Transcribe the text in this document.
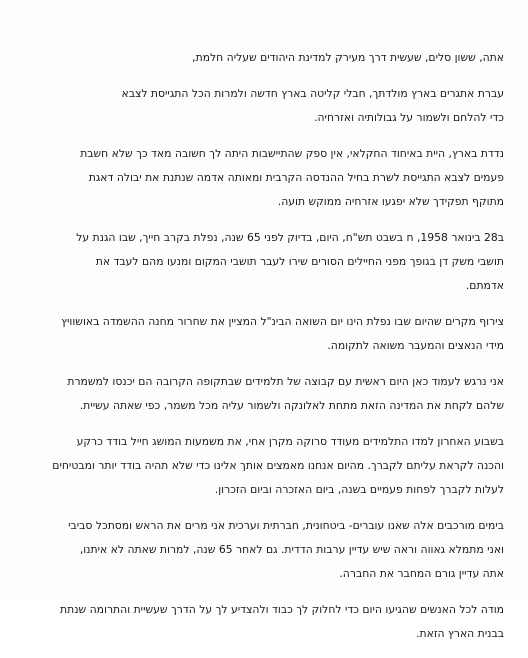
אתה, ששון סלים, שעשית דרך מעירק למדינת היהודים שעליה חלמת,

עברת אתגרים בארץ מולדתך, חבלי קליטה בארץ חדשה ולמרות הכל התגייסת לצבא
כדי להלחם ולשמור על גבולותיה ואזרחיה.

נדדת בארץ, היית באיחוד החקלאי, אין ספק שהתיישבות היתה לך חשובה מאד כך שלא חשבת
פעמים לצבא התגייסת לשרת בחיל ההנדסה הקרבית ומאותה אדמה שנתנת את יבולה דאגת
מתוקף תפקידך שלא יפגעו אזרחיה ממוקש תועה.

ב28 בינואר 1958, ח בשבט תש"ח, היום, בדיוק לפני 65 שנה, נפלת בקרב חייך, שבו הגנת על
תושבי משק דן בגופך מפני החיילים הסורים שירו לעבר תושבי המקום ומנעו מהם לעבד את
אדמתם.

צירוף מקרים שהיום שבו נפלת הינו יום השואה הבינ"ל המציין את שחרור מחנה ההשמדה באושוויץ
מידי הנאצים והמעבר משואה לתקומה.

אני נרגש לעמוד כאן היום ראשית עם קבוצה של תלמידים שבתקופה הקרובה הם יכנסו למשמרת
שלהם לקחת את המדינה הזאת מתחת לאלונקה ולשמור עליה מכל משמר, כפי שאתה עשיית.

בשבוע האחרון למדו התלמידים מעודד סרוקה מקרן אחי, את משמעות המושג חייל בודד כרקע
והכנה לקראת עליתם לקברך. מהיום אנחנו מאמצים אותך אלינו כדי שלא תהיה בודד יותר ומבטיחים
לעלות לקברך לפחות פעמיים בשנה, ביום האזכרה וביום הזכרון.

בימים מורכבים אלה שאנו עוברים- ביטחונית, חברתית וערכית אני מרים את הראש ומסתכל סביבי
ואני מתמלא גאווה וראה שיש עדיין ערבות הדדית. גם לאחר 65 שנה, למרות שאתה לא איתנו,
אתה עדיין גורם המחבר את החברה.

מודה לכל האנשים שהגיעו היום כדי לחלוק לך כבוד ולהצדיע לך על הדרך שעשיית והתרומה שנתת
בבנית הארץ הזאת.
